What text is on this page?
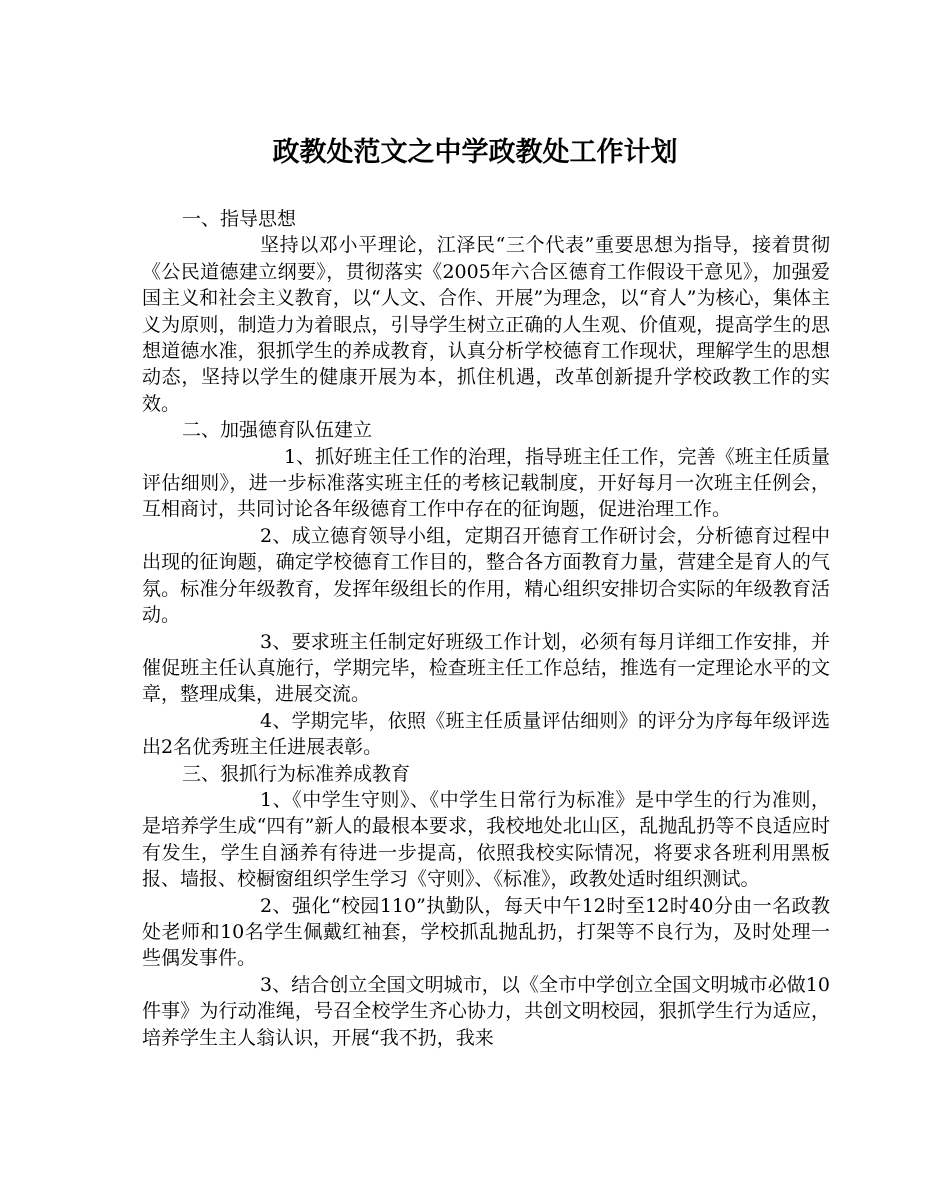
政教处范文之中学政教处工作计划

一、指导思想

坚持以邓小平理论，江泽民“三个代表”重要思想为指导，接着贯彻《公民道德建立纲要》，贯彻落实《2005年六合区德育工作假设干意见》，加强爱国主义和社会主义教育，以“人文、合作、开展”为理念，以“育人”为核心，集体主义为原则，制造力为着眼点，引导学生树立正确的人生观、价值观，提高学生的思想道德水准，狠抓学生的养成教育，认真分析学校德育工作现状，理解学生的思想动态，坚持以学生的健康开展为本，抓住机遇，改革创新提升学校政教工作的实效。

二、加强德育队伍建立

1、抓好班主任工作的治理，指导班主任工作，完善《班主任质量评估细则》，进一步标准落实班主任的考核记载制度，开好每月一次班主任例会，互相商讨，共同讨论各年级德育工作中存在的征询题，促进治理工作。

2、成立德育领导小组，定期召开德育工作研讨会，分析德育过程中出现的征询题，确定学校德育工作目的，整合各方面教育力量，营建全是育人的气氛。标准分年级教育，发挥年级组长的作用，精心组织安排切合实际的年级教育活动。

3、要求班主任制定好班级工作计划，必须有每月详细工作安排，并催促班主任认真施行，学期完毕，检查班主任工作总结，推选有一定理论水平的文章，整理成集，进展交流。

4、学期完毕，依照《班主任质量评估细则》的评分为序每年级评选出2名优秀班主任进展表彰。

三、狠抓行为标准养成教育

1、《中学生守则》、《中学生日常行为标准》是中学生的行为准则，是培养学生成“四有”新人的最根本要求，我校地处北山区，乱抛乱扔等不良适应时有发生，学生自涵养有待进一步提高，依照我校实际情况，将要求各班利用黑板报、墙报、校橱窗组织学生学习《守则》、《标准》，政教处适时组织测试。

2、强化“校园110”执勤队，每天中午12时至12时40分由一名政教处老师和10名学生佩戴红袖套，学校抓乱抛乱扔，打架等不良行为，及时处理一些偶发事件。

3、结合创立全国文明城市，以《全市中学创立全国文明城市必做10件事》为行动准绳，号召全校学生齐心协力，共创文明校园，狠抓学生行为适应，培养学生主人翁认识，开展“我不扔，我来
